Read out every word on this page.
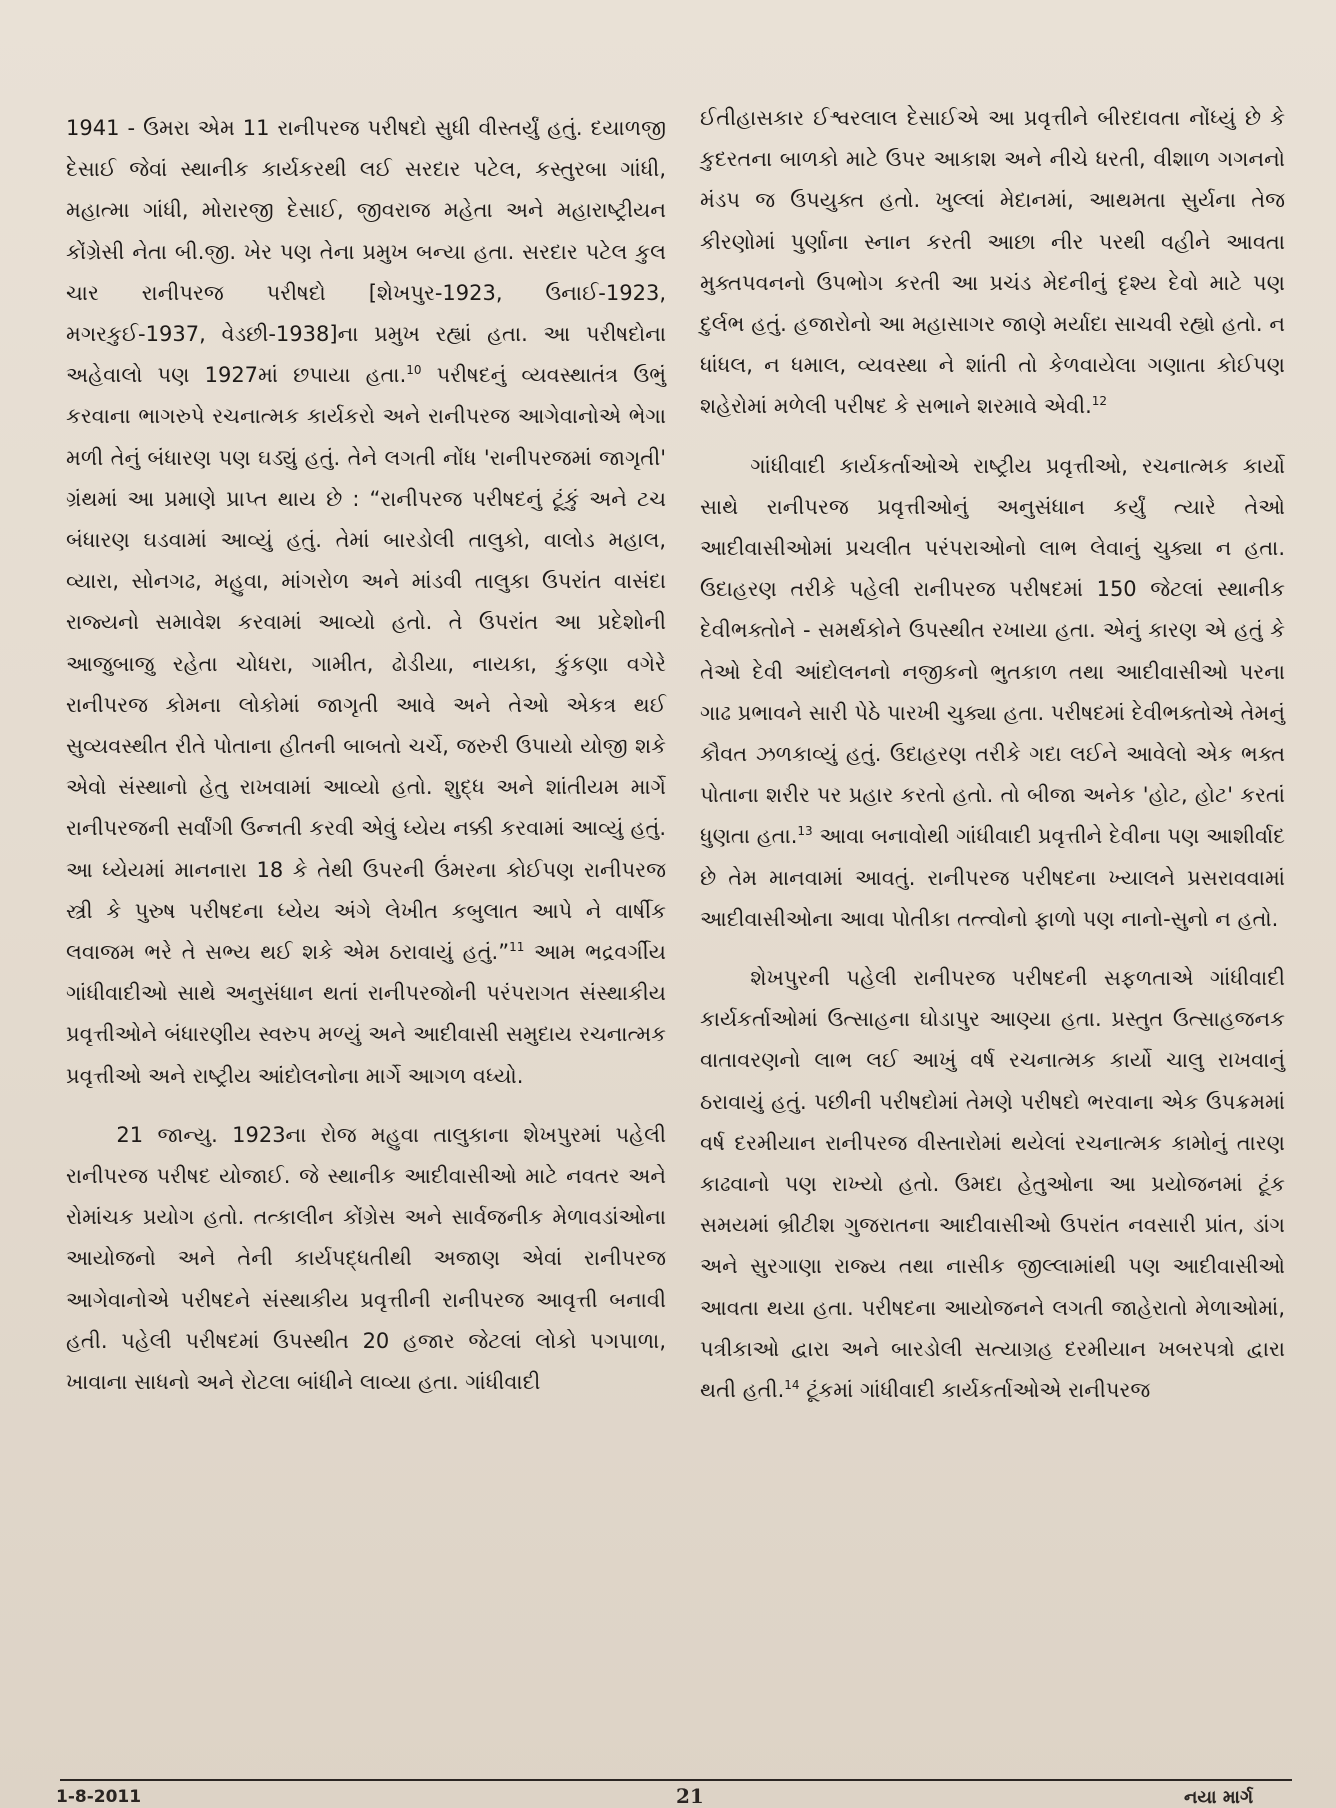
1941 - ઉમરા એમ 11 રાનીપરજ પરીષદો સુધી વીસ્તર્યું હતું. દયાળજી દેસાઈ જેવાં સ્થાનીક કાર્યકરથી લઈ સરદાર પટેલ, કસ્તુરબા ગાંધી, મહાત્મા ગાંધી, મોરારજી દેસાઈ, જીવરાજ મહેતા અને મહારાષ્ટ્રીયન કોંગ્રેસી નેતા બી.જી. ખેર પણ તેના પ્રમુખ બન્યા હતા. સરદાર પટેલ કુલ ચાર રાનીપરજ પરીષદો [શેખપુર-1923, ઉનાઈ-1923, મગરકુઈ-1937, વેડછી-1938]ના પ્રમુખ રહ્યાં હતા. આ પરીષદોના અહેવાલો પણ 1927માં છપાયા હતા.$^{10}$ પરીષદનું વ્યવસ્થાતંત્ર ઉભું કરવાના ભાગરુપે રચનાત્મક કાર્યકરો અને રાનીપરજ આગેવાનોએ ભેગા મળી તેનું બંધારણ પણ ઘડ્યું હતું. તેને લગતી નોંધ 'રાનીપરજમાં જાગૃતી' ગ્રંથમાં આ પ્રમાણે પ્રાપ્ત થાય છે : “રાનીપરજ પરીષદનું ટૂંકું અને ટચ બંધારણ ઘડવામાં આવ્યું હતું. તેમાં બારડોલી તાલુકો, વાલોડ મહાલ, વ્યારા, સોનગઢ, મહુવા, માંગરોળ અને માંડવી તાલુકા ઉપરાંત વાસંદા રાજ્યનો સમાવેશ કરવામાં આવ્યો હતો. તે ઉપરાંત આ પ્રદેશોની આજુબાજુ રહેતા ચોધરા, ગામીત, ઢોડીયા, નાયકા, કુંકણા વગેરે રાનીપરજ કોમના લોકોમાં જાગૃતી આવે અને તેઓ એકત્ર થઈ સુવ્યવસ્થીત રીતે પોતાના હીતની બાબતો ચર્ચે, જરુરી ઉપાયો યોજી શકે એવો સંસ્થાનો હેતુ રાખવામાં આવ્યો હતો. શુદ્ધ અને શાંતીયમ માર્ગે રાનીપરજની સર્વાંગી ઉન્નતી કરવી એવું ધ્યેય નક્કી કરવામાં આવ્યું હતું. આ ધ્યેયમાં માનનારા 18 કે તેથી ઉપરની ઉંમરના કોઈપણ રાનીપરજ સ્ત્રી કે પુરુષ પરીષદના ધ્યેય અંગે લેખીત કબુલાત આપે ને વાર્ષીક લવાજમ ભરે તે સભ્ય થઈ શકે એમ ઠરાવાયું હતું.”$^{11}$ આમ ભદ્રવર્ગીય ગાંધીવાદીઓ સાથે અનુસંધાન થતાં રાનીપરજોની પરંપરાગત સંસ્થાકીય પ્રવૃત્તીઓને બંધારણીય સ્વરુપ મળ્યું અને આદીવાસી સમુદાય રચનાત્મક પ્રવૃત્તીઓ અને રાષ્ટ્રીય આંદોલનોના માર્ગે આગળ વધ્યો.

21 જાન્યુ. 1923ના રોજ મહુવા તાલુકાના શેખપુરમાં પહેલી રાનીપરજ પરીષદ યોજાઈ. જે સ્થાનીક આદીવાસીઓ માટે નવતર અને રોમાંચક પ્રયોગ હતો. તત્કાલીન કોંગ્રેસ અને સાર્વજનીક મેળાવડાંઓના આયોજનો અને તેની કાર્યપદ્ધતીથી અજાણ એવાં રાનીપરજ આગેવાનોએ પરીષદને સંસ્થાકીય પ્રવૃત્તીની રાનીપરજ આવૃત્તી બનાવી હતી. પહેલી પરીષદમાં ઉપસ્થીત 20 હજાર જેટલાં લોકો પગપાળા, ખાવાના સાધનો અને રોટલા બાંધીને લાવ્યા હતા. ગાંધીવાદી

ઈતીહાસકાર ઈશ્વરલાલ દેસાઈએ આ પ્રવૃત્તીને બીરદાવતા નોંધ્યું છે કે કુદરતના બાળકો માટે ઉપર આકાશ અને નીચે ધરતી, વીશાળ ગગનનો મંડપ જ ઉપયુક્ત હતો. ખુલ્લાં મેદાનમાં, આથમતા સુર્યના તેજ કીરણોમાં પુર્ણાના સ્નાન કરતી આછા નીર પરથી વહીને આવતા મુક્તપવનનો ઉપભોગ કરતી આ પ્રચંડ મેદનીનું દૃશ્ય દેવો માટે પણ દુર્લભ હતું. હજારોનો આ મહાસાગર જાણે મર્યાદા સાચવી રહ્યો હતો. ન ધાંધલ, ન ધમાલ, વ્યવસ્થા ને શાંતી તો કેળવાયેલા ગણાતા કોઈપણ શહેરોમાં મળેલી પરીષદ કે સભાને શરમાવે એવી.$^{12}$

ગાંધીવાદી કાર્યકર્તાઓએ રાષ્ટ્રીય પ્રવૃત્તીઓ, રચનાત્મક કાર્યો સાથે રાનીપરજ પ્રવૃત્તીઓનું અનુસંધાન કર્યું ત્યારે તેઓ આદીવાસીઓમાં પ્રચલીત પરંપરાઓનો લાભ લેવાનું ચુક્યા ન હતા. ઉદાહરણ તરીકે પહેલી રાનીપરજ પરીષદમાં 150 જેટલાં સ્થાનીક દેવીભક્તોને - સમર્થકોને ઉપસ્થીત રખાયા હતા. એનું કારણ એ હતું કે તેઓ દેવી આંદોલનનો નજીકનો ભુતકાળ તથા આદીવાસીઓ પરના ગાઢ પ્રભાવને સારી પેઠે પારખી ચુક્યા હતા. પરીષદમાં દેવીભક્તોએ તેમનું કૌવત ઝળકાવ્યું હતું. ઉદાહરણ તરીકે ગદા લઈને આવેલો એક ભક્ત પોતાના શરીર પર પ્રહાર કરતો હતો. તો બીજા અનેક 'હોટ, હોટ' કરતાં ધુણતા હતા.$^{13}$ આવા બનાવોથી ગાંધીવાદી પ્રવૃત્તીને દેવીના પણ આશીર્વાદ છે તેમ માનવામાં આવતું. રાનીપરજ પરીષદના ખ્યાલને પ્રસરાવવામાં આદીવાસીઓના આવા પોતીકા તત્ત્વોનો ફાળો પણ નાનો-સુનો ન હતો.

શેખપુરની પહેલી રાનીપરજ પરીષદની સફળતાએ ગાંધીવાદી કાર્યકર્તાઓમાં ઉત્સાહના ઘોડાપુર આણ્યા હતા. પ્રસ્તુત ઉત્સાહજનક વાતાવરણનો લાભ લઈ આખું વર્ષ રચનાત્મક કાર્યો ચાલુ રાખવાનું ઠરાવાયું હતું. પછીની પરીષદોમાં તેમણે પરીષદો ભરવાના એક ઉપક્રમમાં વર્ષ દરમીયાન રાનીપરજ વીસ્તારોમાં થયેલાં રચનાત્મક કામોનું તારણ કાઢવાનો પણ રાખ્યો હતો. ઉમદા હેતુઓના આ પ્રયોજનમાં ટૂંક સમયમાં બ્રીટીશ ગુજરાતના આદીવાસીઓ ઉપરાંત નવસારી પ્રાંત, ડાંગ અને સુરગાણા રાજ્ય તથા નાસીક જીલ્લામાંથી પણ આદીવાસીઓ આવતા થયા હતા. પરીષદના આયોજનને લગતી જાહેરાતો મેળાઓમાં, પત્રીકાઓ દ્વારા અને બારડોલી સત્યાગ્રહ દરમીયાન ખબરપત્રો દ્વારા થતી હતી.$^{14}$ ટૂંકમાં ગાંધીવાદી કાર્યકર્તાઓએ રાનીપરજ

1-8-2011	21	નયા માર્ગ
